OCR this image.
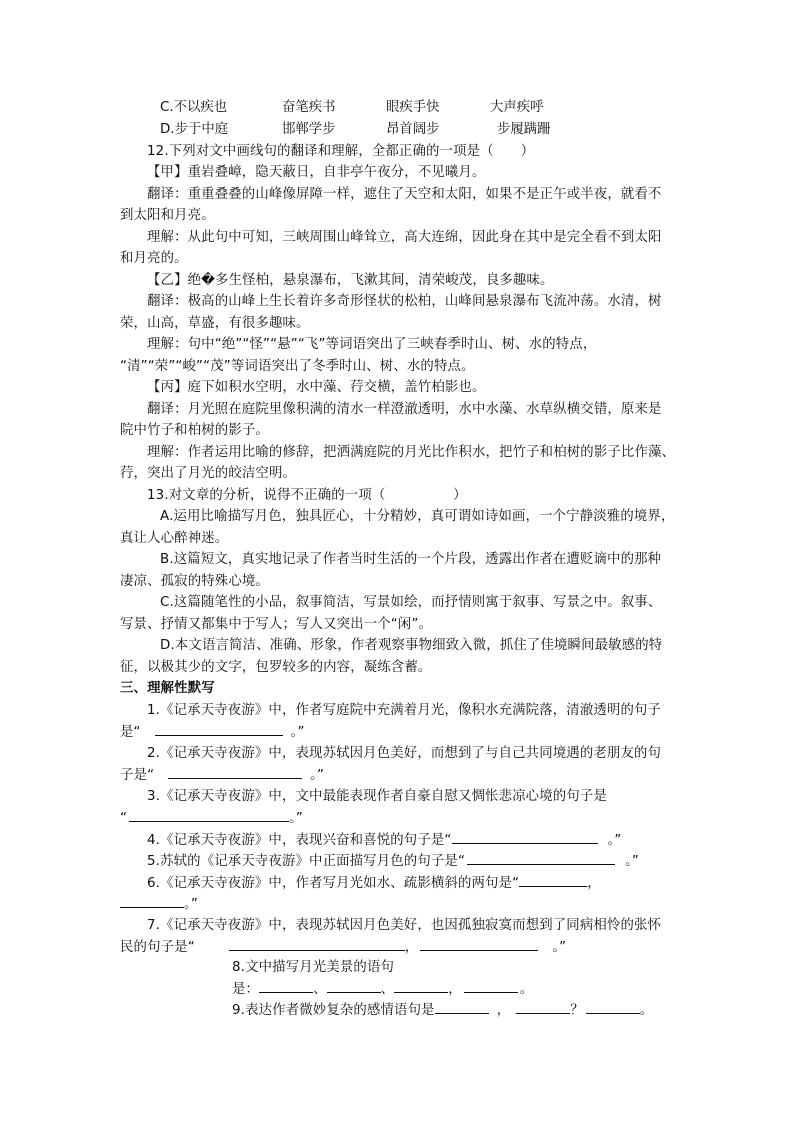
C.不以疾也	奋笔疾书	眼疾手快	大声疾呼
D.步于中庭	邯郸学步	昂首阔步	步履蹒跚
12.下列对文中画线句的翻译和理解，全都正确的一项是（　　）
【甲】重岩叠嶂，隐天蔽日，自非亭午夜分，不见曦月。
翻译：重重叠叠的山峰像屏障一样，遮住了天空和太阳，如果不是正午或半夜，就看不
到太阳和月亮。
理解：从此句中可知，三峡周围山峰耸立，高大连绵，因此身在其中是完全看不到太阳
和月亮的。
【乙】绝�多生怪柏，悬泉瀑布，飞漱其间，清荣峻茂，良多趣味。
翻译：极高的山峰上生长着许多奇形怪状的松柏，山峰间悬泉瀑布飞流冲荡。水清，树
荣，山高，草盛，有很多趣味。
理解：句中“绝”“怪”“悬”“飞”等词语突出了三峡春季时山、树、水的特点，
“清”“荣”“峻”“茂”等词语突出了冬季时山、树、水的特点。
【丙】庭下如积水空明，水中藻、荇交横，盖竹柏影也。
翻译：月光照在庭院里像积满的清水一样澄澈透明，水中水藻、水草纵横交错，原来是
院中竹子和柏树的影子。
理解：作者运用比喻的修辞，把洒满庭院的月光比作积水，把竹子和柏树的影子比作藻、
荇，突出了月光的皎洁空明。
13.对文章的分析，说得不正确的一项（　　　　　）
A.运用比喻描写月色，独具匠心，十分精妙，真可谓如诗如画，一个宁静淡雅的境界，
真让人心醉神迷。
B.这篇短文，真实地记录了作者当时生活的一个片段，透露出作者在遭贬谪中的那种
凄凉、孤寂的特殊心境。
C.这篇随笔性的小品，叙事简洁，写景如绘，而抒情则寓于叙事、写景之中。叙事、
写景、抒情又都集中于写人；写人又突出一个“闲”。
D.本文语言简洁、准确、形象，作者观察事物细致入微，抓住了佳境瞬间最敏感的特
征，以极其少的文字，包罗较多的内容，凝练含蓄。
三、理解性默写
1.《记承天寺夜游》中，作者写庭院中充满着月光，像积水充满院落，清澈透明的句子
是“	。”
2.《记承天寺夜游》中，表现苏轼因月色美好，而想到了与自己共同境遇的老朋友的句
子是“	。”
3.《记承天寺夜游》中，文中最能表现作者自豪自慰又惆怅悲凉心境的句子是
“	。”
4.《记承天寺夜游》中，表现兴奋和喜悦的句子是“	。”
5.苏轼的《记承天寺夜游》中正面描写月色的句子是“	。”
6.《记承天寺夜游》中，作者写月光如水、疏影横斜的两句是“	，
。”
7.《记承天寺夜游》中，表现苏轼因月色美好，也因孤独寂寞而想到了同病相怜的张怀
民的句子是“	，	。”
8.文中描写月光美景的语句
是：	、	、	，	。
9.表达作者微妙复杂的感情语句是	，	？	。
